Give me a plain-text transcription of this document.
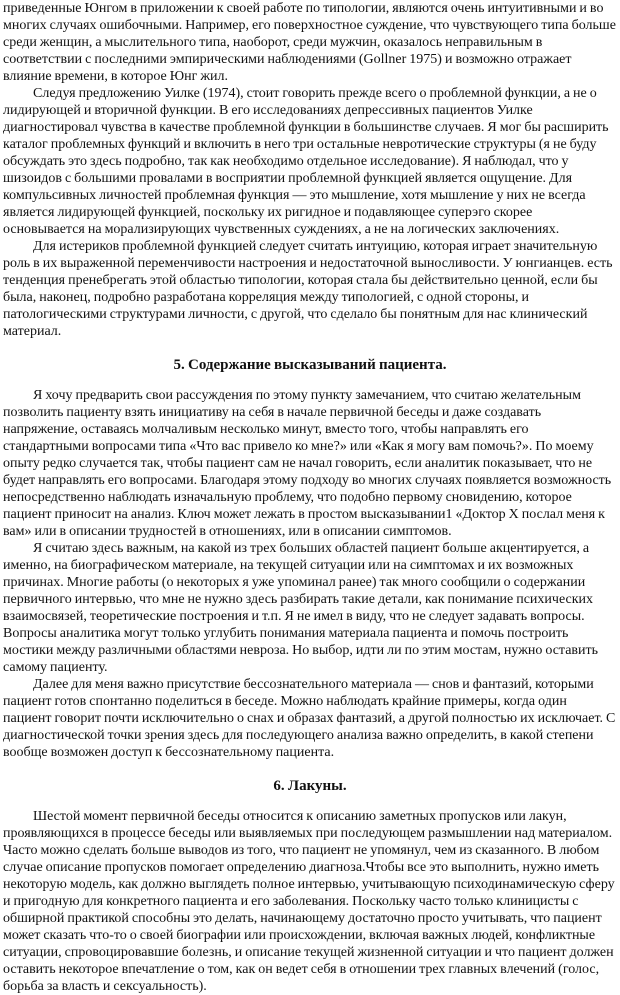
приведенные Юнгом в приложении к своей работе по типологии, являются очень интуитивными и во многих случаях ошибочными. Например, его поверхностное суждение, что чувствующего типа больше среди женщин, а мыслительного типа, наоборот, среди мужчин, оказалось неправильным в соответствии с последними эмпирическими наблюдениями (Gollner 1975) и возможно отражает влияние времени, в которое Юнг жил.

Следуя предложению Уилке (1974), стоит говорить прежде всего о проблемной функции, а не о лидирующей и вторичной функции. В его исследованиях депрессивных пациентов Уилке диагностировал чувства в качестве проблемной функции в большинстве случаев. Я мог бы расширить каталог проблемных функций и включить в него три остальные невротические структуры (я не буду обсуждать это здесь подробно, так как необходимо отдельное исследование). Я наблюдал, что у шизоидов с большими провалами в восприятии проблемной функцией является ощущение. Для компульсивных личностей проблемная функция — это мышление, хотя мышление у них не всегда является лидирующей функцией, поскольку их ригидное и подавляющее суперэго скорее основывается на морализирующих чувственных суждениях, а не на логических заключениях.

Для истериков проблемной функцией следует считать интуицию, которая играет значительную роль в их выраженной переменчивости настроения и недостаточной выносливости. У юнгианцев. есть тенденция пренебрегать этой областью типологии, которая стала бы действительно ценной, если бы была, наконец, подробно разработана корреляция между типологией, с одной стороны, и патологическими структурами личности, с другой, что сделало бы понятным для нас клинический материал.

5. Содержание высказываний пациента.

Я хочу предварить свои рассуждения по этому пункту замечанием, что считаю желательным позволить пациенту взять инициативу на себя в начале первичной беседы и даже создавать напряжение, оставаясь молчаливым несколько минут, вместо того, чтобы направлять его стандартными вопросами типа «Что вас привело ко мне?» или «Как я могу вам помочь?». По моему опыту редко случается так, чтобы пациент сам не начал говорить, если аналитик показывает, что не будет направлять его вопросами. Благодаря этому подходу во многих случаях появляется возможность непосредственно наблюдать изначальную проблему, что подобно первому сновидению, которое пациент приносит на анализ. Ключ может лежать в простом высказывании1 «Доктор X послал меня к вам» или в описании трудностей в отношениях, или в описании симптомов.

Я считаю здесь важным, на какой из трех больших областей пациент больше акцентируется, а именно, на биографическом материале, на текущей ситуации или на симптомах и их возможных причинах. Многие работы (о некоторых я уже упоминал ранее) так много сообщили о содержании первичного интервью, что мне не нужно здесь разбирать такие детали, как понимание психических взаимосвязей, теоретические построения и т.п. Я не имел в виду, что не следует задавать вопросы. Вопросы аналитика могут только углубить понимания материала пациента и помочь построить мостики между различными областями невроза. Но выбор, идти ли по этим мостам, нужно оставить самому пациенту.

Далее для меня важно присутствие бессознательного материала — снов и фантазий, которыми пациент готов спонтанно поделиться в беседе. Можно наблюдать крайние примеры, когда один пациент говорит почти исключительно о снах и образах фантазий, а другой полностью их исключает. С диагностической точки зрения здесь для последующего анализа важно определить, в какой степени вообще возможен доступ к бессознательному пациента.

6. Лакуны.

Шестой момент первичной беседы относится к описанию заметных пропусков или лакун, проявляющихся в процессе беседы или выявляемых при последующем размышлении над материалом. Часто можно сделать больше выводов из того, что пациент не упомянул, чем из сказанного. В любом случае описание пропусков помогает определению диагноза.Чтобы все это выполнить, нужно иметь некоторую модель, как должно выглядеть полное интервью, учитывающую психодинамическую сферу и пригодную для конкретного пациента и его заболевания. Поскольку часто только клиницисты с обширной практикой способны это делать, начинающему достаточно просто учитывать, что пациент может сказать что-то о своей биографии или происхождении, включая важных людей, конфликтные ситуации, спровоцировавшие болезнь, и описание текущей жизненной ситуации и что пациент должен оставить некоторое впечатление о том, как он ведет себя в отношении трех главных влечений (голос, борьба за власть и сексуальность).
